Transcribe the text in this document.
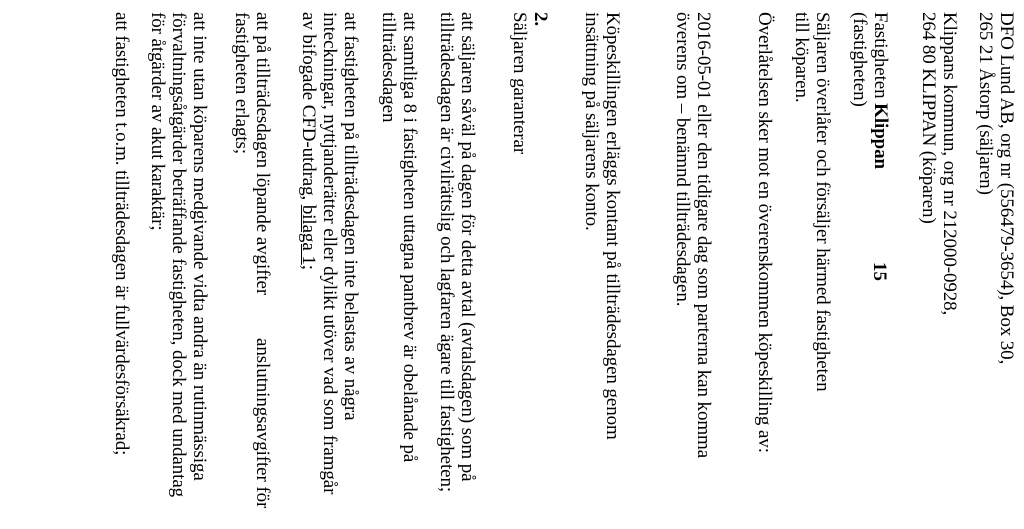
DFO Lund AB, org nr (556479-3654), Box 30,
265 21 Åstorp (säljaren)
Klippans kommun, org nr 212000-0928,
264 80 KLIPPAN (köparen)
Fastigheten Klippan
15
(fastigheten)
Säljaren överlåter och försäljer härmed fastigheten
till köparen.
Överlåtelsen sker mot en överenskommen köpeskilling av:
2016-05-01 eller den tidigare dag som parterna kan komma
överens om – benämnd tillträdesdagen.
Köpeskillingen erläggs kontant på tillträdesdagen genom
insättning på säljarens konto.
2.
Säljaren garanterar
att säljaren såväl på dagen för detta avtal (avtalsdagen) som på
tillträdesdagen är civilrättslig och lagfaren ägare till fastigheten;
att samtliga 8 i fastigheten uttagna pantbrev är obelånade på
tillträdesdagen
att fastigheten på tillträdesdagen inte belastas av några
inteckningar, nyttjanderätter eller dylikt utöver vad som framgår
av bifogade CFD-utdrag, bilaga 1;
att på tillträdesdagen löpande avgifter
anslutningsavgifter för
fastigheten erlagts;
att inte utan köparens medgivande vidta andra än rutinmässiga
förvaltningsåtgärder beträffande fastigheten, dock med undantag
för åtgärder av akut karaktär;
att fastigheten t.o.m. tillträdesdagen är fullvärdesförsäkrad;
